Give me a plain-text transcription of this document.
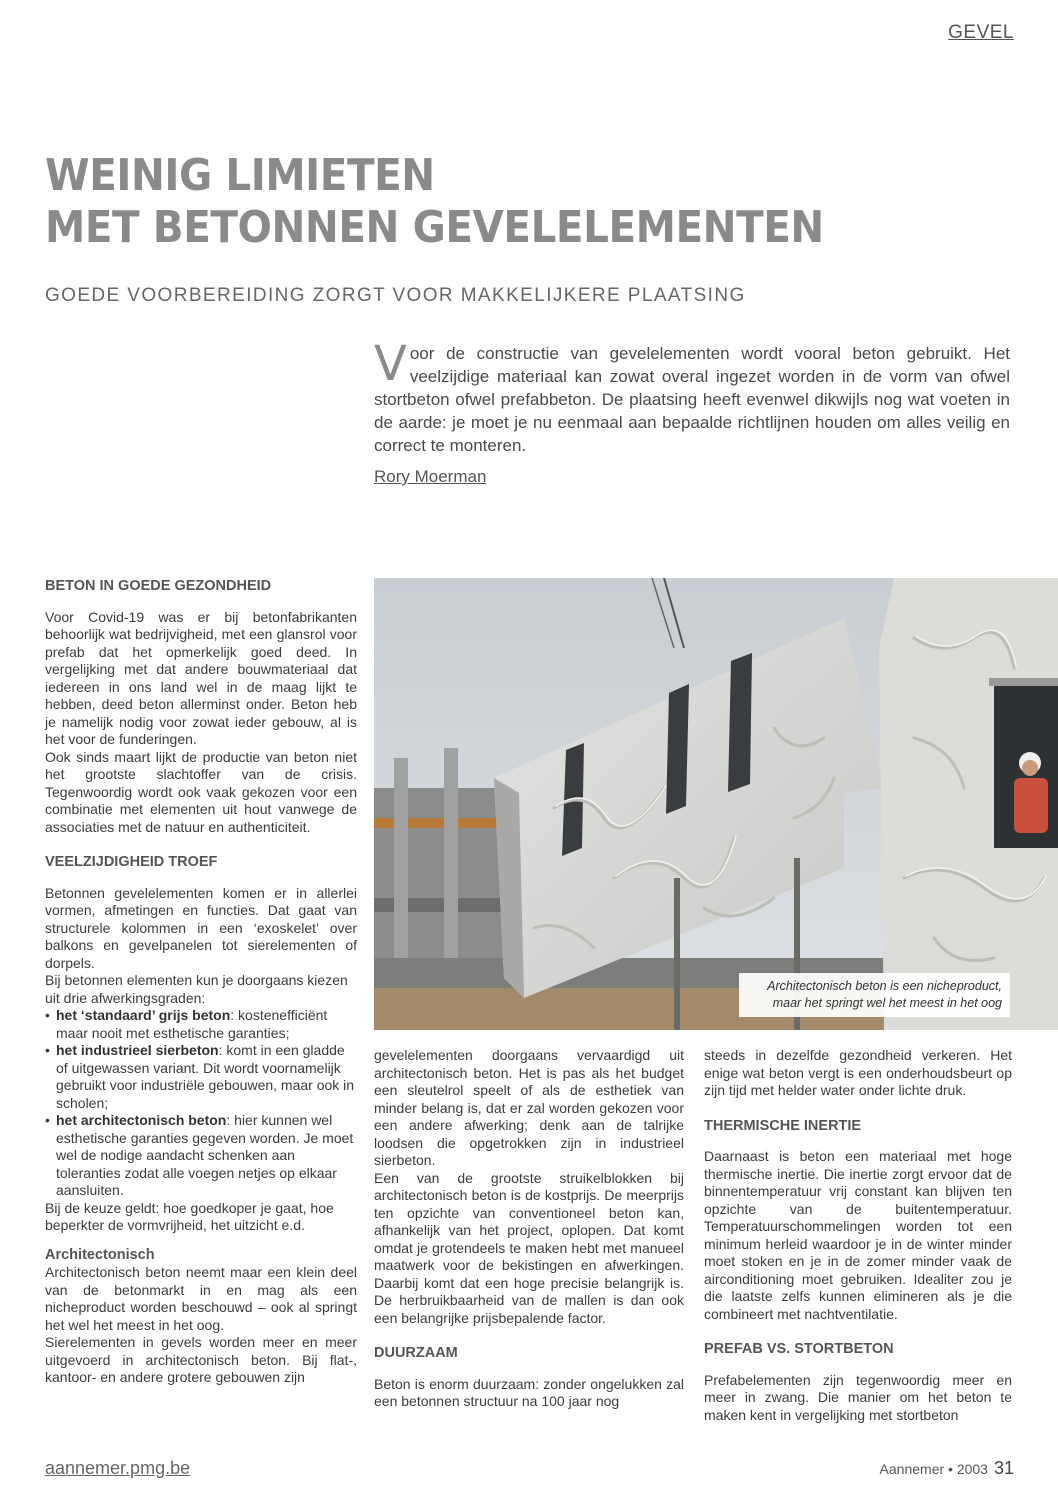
GEVEL
WEINIG LIMIETEN
MET BETONNEN GEVELELEMENTEN
GOEDE VOORBEREIDING ZORGT VOOR MAKKELIJKERE PLAATSING
Voor de constructie van gevelelementen wordt vooral beton gebruikt. Het veelzijdige materiaal kan zowat overal ingezet worden in de vorm van ofwel stortbeton ofwel prefabbeton. De plaatsing heeft evenwel dikwijls nog wat voeten in de aarde: je moet je nu eenmaal aan bepaalde richtlijnen houden om alles veilig en correct te monteren.
Rory Moerman
BETON IN GOEDE GEZONDHEID

Voor Covid-19 was er bij betonfabrikanten behoorlijk wat bedrijvigheid, met een glansrol voor prefab dat het opmerkelijk goed deed. In vergelijking met dat andere bouwmateriaal dat iedereen in ons land wel in de maag lijkt te hebben, deed beton allerminst onder. Beton heb je namelijk nodig voor zowat ieder gebouw, al is het voor de funderingen.

Ook sinds maart lijkt de productie van beton niet het grootste slachtoffer van de crisis. Tegenwoordig wordt ook vaak gekozen voor een combinatie met elementen uit hout vanwege de associaties met de natuur en authenticiteit.

VEELZIJDIGHEID TROEF

Betonnen gevelelementen komen er in allerlei vormen, afmetingen en functies. Dat gaat van structurele kolommen in een ‘exoskelet’ over balkons en gevelpanelen tot sierelementen of dorpels.

Bij betonnen elementen kun je doorgaans kiezen uit drie afwerkingsgraden:

• het ‘standaard’ grijs beton: kostenefficiënt maar nooit met esthetische garanties;
• het industrieel sierbeton: komt in een gladde of uitgewassen variant. Dit wordt voornamelijk gebruikt voor industriële gebouwen, maar ook in scholen;
• het architectonisch beton: hier kunnen wel esthetische garanties gegeven worden. Je moet wel de nodige aandacht schenken aan toleranties zodat alle voegen netjes op elkaar aansluiten.

Bij de keuze geldt: hoe goedkoper je gaat, hoe beperkter de vormvrijheid, het uitzicht e.d.

Architectonisch

Architectonisch beton neemt maar een klein deel van de betonmarkt in en mag als een nicheproduct worden beschouwd – ook al springt het wel het meest in het oog.

Sierelementen in gevels worden meer en meer uitgevoerd in architectonisch beton. Bij flat-, kantoor- en andere grotere gebouwen zijn

Architectonisch beton is een nicheproduct, maar het springt wel het meest in het oog

gevelelementen doorgaans vervaardigd uit architectonisch beton. Het is pas als het budget een sleutelrol speelt of als de esthetiek van minder belang is, dat er zal worden gekozen voor een andere afwerking; denk aan de talrijke loodsen die opgetrokken zijn in industrieel sierbeton.

Een van de grootste struikelblokken bij architectonisch beton is de kostprijs. De meerprijs ten opzichte van conventioneel beton kan, afhankelijk van het project, oplopen. Dat komt omdat je grotendeels te maken hebt met manueel maatwerk voor de bekistingen en afwerkingen. Daarbij komt dat een hoge precisie belangrijk is. De herbruikbaarheid van de mallen is dan ook een belangrijke prijsbepalende factor.

DUURZAAM

Beton is enorm duurzaam: zonder ongelukken zal een betonnen structuur na 100 jaar nog

steeds in dezelfde gezondheid verkeren. Het enige wat beton vergt is een onderhoudsbeurt op zijn tijd met helder water onder lichte druk.

THERMISCHE INERTIE

Daarnaast is beton een materiaal met hoge thermische inertie. Die inertie zorgt ervoor dat de binnentemperatuur vrij constant kan blijven ten opzichte van de buitentemperatuur. Temperatuurschommelingen worden tot een minimum herleid waardoor je in de winter minder moet stoken en je in de zomer minder vaak de airconditioning moet gebruiken. Idealiter zou je die laatste zelfs kunnen elimineren als je die combineert met nachtventilatie.

PREFAB VS. STORTBETON

Prefabelementen zijn tegenwoordig meer en meer in zwang. Die manier om het beton te maken kent in vergelijking met stortbeton

aannemer.pmg.be	Aannemer • 2003 31
